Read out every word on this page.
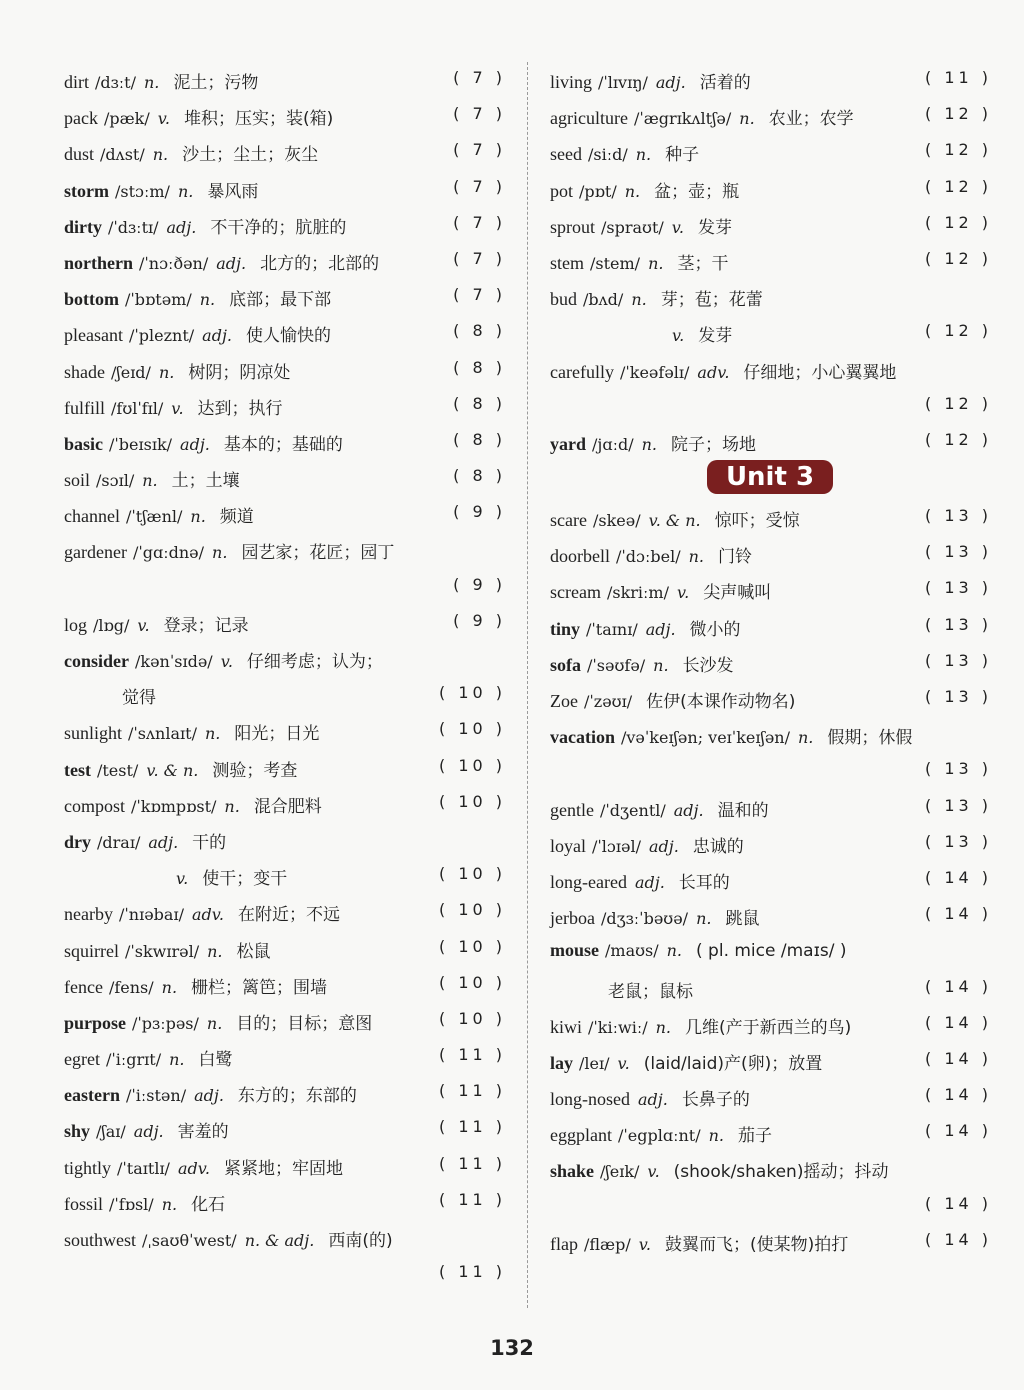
dirt /dɜːt/ n. 泥土；污物	( 7 )
pack /pæk/ v. 堆积；压实；装(箱)	( 7 )
dust /dʌst/ n. 沙土；尘土；灰尘	( 7 )
storm /stɔːm/ n. 暴风雨	( 7 )
dirty /ˈdɜːtɪ/ adj. 不干净的；肮脏的	( 7 )
northern /ˈnɔːðən/ adj. 北方的；北部的	( 7 )
bottom /ˈbɒtəm/ n. 底部；最下部	( 7 )
pleasant /ˈpleznt/ adj. 使人愉快的	( 8 )
shade /ʃeɪd/ n. 树阴；阴凉处	( 8 )
fulfill /fʊlˈfɪl/ v. 达到；执行	( 8 )
basic /ˈbeɪsɪk/ adj. 基本的；基础的	( 8 )
soil /sɔɪl/ n. 土；土壤	( 8 )
channel /ˈtʃænl/ n. 频道	( 9 )
gardener /ˈgɑːdnə/ n. 园艺家；花匠；园丁
( 9 )
log /lɒg/ v. 登录；记录	( 9 )
consider /kənˈsɪdə/ v. 仔细考虑；认为；
觉得	( 10 )
sunlight /ˈsʌnlaɪt/ n. 阳光；日光	( 10 )
test /test/ v. & n. 测验；考查	( 10 )
compost /ˈkɒmpɒst/ n. 混合肥料	( 10 )
dry /draɪ/ adj. 干的
v. 使干；变干	( 10 )
nearby /ˈnɪəbaɪ/ adv. 在附近；不远	( 10 )
squirrel /ˈskwɪrəl/ n. 松鼠	( 10 )
fence /fens/ n. 栅栏；篱笆；围墙	( 10 )
purpose /ˈpɜːpəs/ n. 目的；目标；意图	( 10 )
egret /ˈiːgrɪt/ n. 白鹭	( 11 )
eastern /ˈiːstən/ adj. 东方的；东部的	( 11 )
shy /ʃaɪ/ adj. 害羞的	( 11 )
tightly /ˈtaɪtlɪ/ adv. 紧紧地；牢固地	( 11 )
fossil /ˈfɒsl/ n. 化石	( 11 )
southwest /ˌsaʊθˈwest/ n. & adj. 西南(的)
( 11 )
living /ˈlɪvɪŋ/ adj. 活着的	( 11 )
agriculture /ˈægrɪkʌltʃə/ n. 农业；农学	( 12 )
seed /siːd/ n. 种子	( 12 )
pot /pɒt/ n. 盆；壶；瓶	( 12 )
sprout /spraʊt/ v. 发芽	( 12 )
stem /stem/ n. 茎；干	( 12 )
bud /bʌd/ n. 芽；苞；花蕾
v. 发芽	( 12 )
carefully /ˈkeəfəlɪ/ adv. 仔细地；小心翼翼地
( 12 )
yard /jɑːd/ n. 院子；场地	( 12 )
Unit 3
scare /skeə/ v. & n. 惊吓；受惊	( 13 )
doorbell /ˈdɔːbel/ n. 门铃	( 13 )
scream /skriːm/ v. 尖声喊叫	( 13 )
tiny /ˈtaɪnɪ/ adj. 微小的	( 13 )
sofa /ˈsəʊfə/ n. 长沙发	( 13 )
Zoe /ˈzəʊɪ/ 佐伊(本课作动物名)	( 13 )
vacation /vəˈkeɪʃən; veɪˈkeɪʃən/ n. 假期；休假
( 13 )
gentle /ˈdʒentl/ adj. 温和的	( 13 )
loyal /ˈlɔɪəl/ adj. 忠诚的	( 13 )
long-eared adj. 长耳的	( 14 )
jerboa /dʒɜːˈbəʊə/ n. 跳鼠	( 14 )
mouse /maʊs/ n. ( pl. mice /maɪs/ )
老鼠；鼠标	( 14 )
kiwi /ˈkiːwiː/ n. 几维(产于新西兰的鸟)	( 14 )
lay /leɪ/ v. (laid/laid)产(卵)；放置	( 14 )
long-nosed adj. 长鼻子的	( 14 )
eggplant /ˈegplɑːnt/ n. 茄子	( 14 )
shake /ʃeɪk/ v. (shook/shaken)摇动；抖动
( 14 )
flap /flæp/ v. 鼓翼而飞；(使某物)拍打	( 14 )
132
